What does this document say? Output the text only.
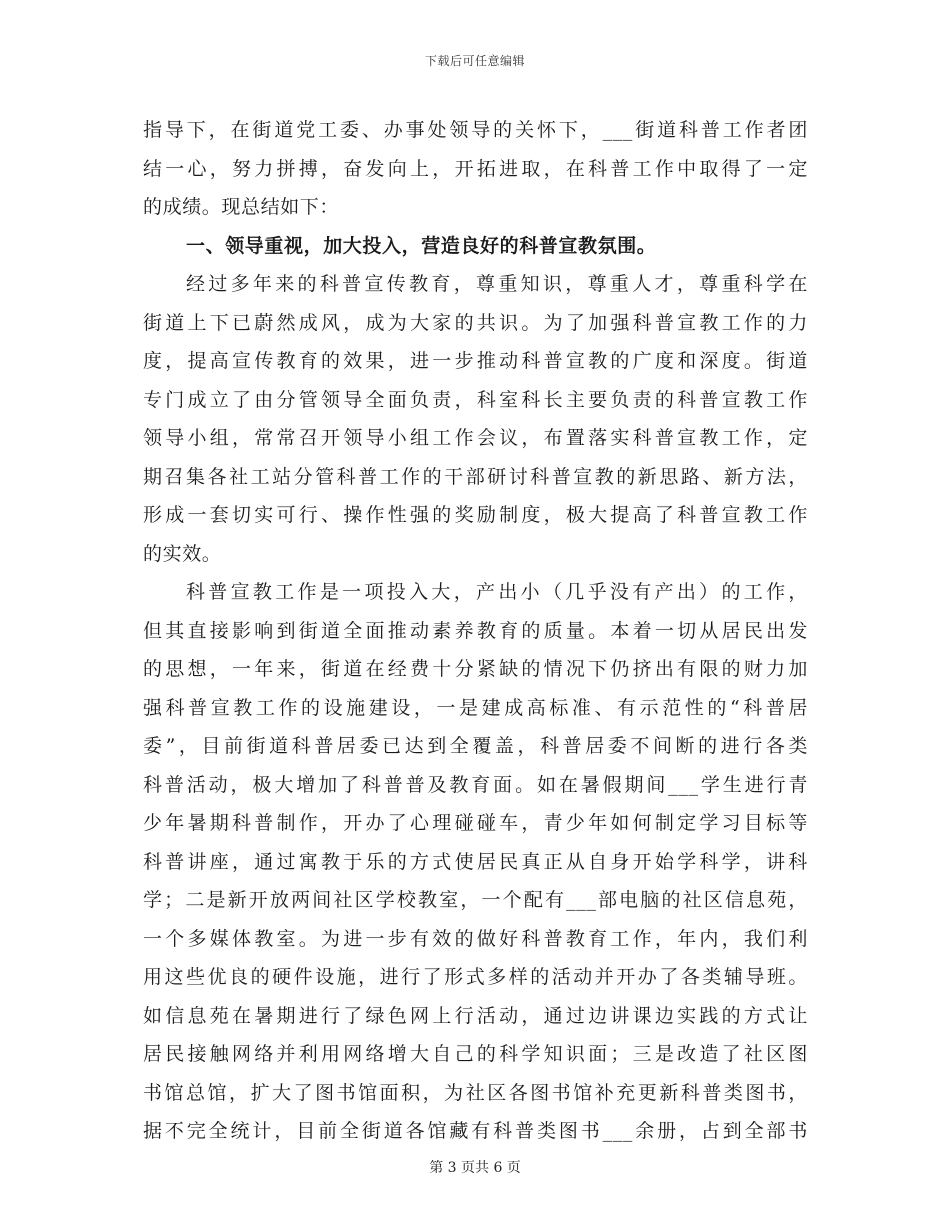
下载后可任意编辑
指导下，在街道党工委、办事处领导的关怀下，___街道科普工作者团
结一心，努力拼搏，奋发向上，开拓进取，在科普工作中取得了一定
的成绩。现总结如下：
一、领导重视，加大投入，营造良好的科普宣教氛围。
经过多年来的科普宣传教育，尊重知识，尊重人才，尊重科学在
街道上下已蔚然成风，成为大家的共识。为了加强科普宣教工作的力
度，提高宣传教育的效果，进一步推动科普宣教的广度和深度。街道
专门成立了由分管领导全面负责，科室科长主要负责的科普宣教工作
领导小组，常常召开领导小组工作会议，布置落实科普宣教工作，定
期召集各社工站分管科普工作的干部研讨科普宣教的新思路、新方法，
形成一套切实可行、操作性强的奖励制度，极大提高了科普宣教工作
的实效。
科普宣教工作是一项投入大，产出小（几乎没有产出）的工作，
但其直接影响到街道全面推动素养教育的质量。本着一切从居民出发
的思想，一年来，街道在经费十分紧缺的情况下仍挤出有限的财力加
强科普宣教工作的设施建设，一是建成高标准、有示范性的“科普居
委”，目前街道科普居委已达到全覆盖，科普居委不间断的进行各类
科普活动，极大增加了科普普及教育面。如在暑假期间___学生进行青
少年暑期科普制作，开办了心理碰碰车，青少年如何制定学习目标等
科普讲座，通过寓教于乐的方式使居民真正从自身开始学科学，讲科
学；二是新开放两间社区学校教室，一个配有___部电脑的社区信息苑，
一个多媒体教室。为进一步有效的做好科普教育工作，年内，我们利
用这些优良的硬件设施，进行了形式多样的活动并开办了各类辅导班。
如信息苑在暑期进行了绿色网上行活动，通过边讲课边实践的方式让
居民接触网络并利用网络增大自己的科学知识面；三是改造了社区图
书馆总馆，扩大了图书馆面积，为社区各图书馆补充更新科普类图书，
据不完全统计，目前全街道各馆藏有科普类图书___余册，占到全部书
第 3 页共 6 页
